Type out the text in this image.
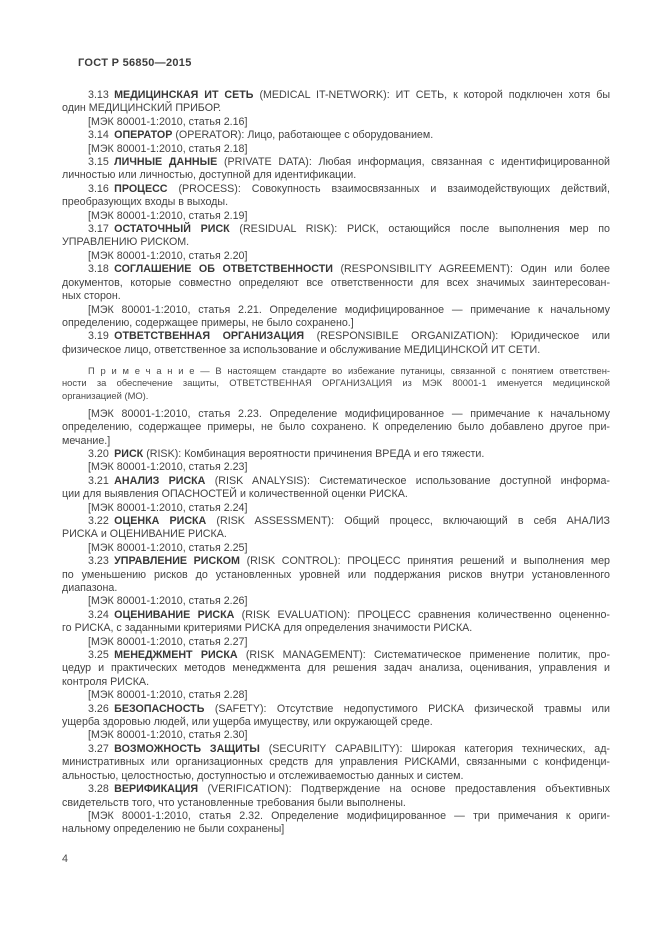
ГОСТ Р 56850—2015
3.13 МЕДИЦИНСКАЯ ИТ СЕТЬ (MEDICAL IT-NETWORK): ИТ СЕТЬ, к которой подключен хотя бы
один МЕДИЦИНСКИЙ ПРИБОР.
[МЭК 80001-1:2010, статья 2.16]
3.14 ОПЕРАТОР (OPERATOR): Лицо, работающее с оборудованием.
[МЭК 80001-1:2010, статья 2.18]
3.15 ЛИЧНЫЕ ДАННЫЕ (PRIVATE DATA): Любая информация, связанная с идентифицированной
личностью или личностью, доступной для идентификации.
3.16 ПРОЦЕСС (PROCESS): Совокупность взаимосвязанных и взаимодействующих действий,
преобразующих входы в выходы.
[МЭК 80001-1:2010, статья 2.19]
3.17 ОСТАТОЧНЫЙ РИСК (RESIDUAL RISK): РИСК, остающийся после выполнения мер по
УПРАВЛЕНИЮ РИСКОМ.
[МЭК 80001-1:2010, статья 2.20]
3.18 СОГЛАШЕНИЕ ОБ ОТВЕТСТВЕННОСТИ (RESPONSIBILITY AGREEMENT): Один или более
документов, которые совместно определяют все ответственности для всех значимых заинтересован-
ных сторон.
[МЭК 80001-1:2010, статья 2.21. Определение модифицированное — примечание к начальному
определению, содержащее примеры, не было сохранено.]
3.19 ОТВЕТСТВЕННАЯ ОРГАНИЗАЦИЯ (RESPONSIBILE ORGANIZATION): Юридическое или
физическое лицо, ответственное за использование и обслуживание МЕДИЦИНСКОЙ ИТ СЕТИ.
П р и м е ч а н и е — В настоящем стандарте во избежание путаницы, связанной с понятием ответствен-
ности за обеспечение защиты, ОТВЕТСТВЕННАЯ ОРГАНИЗАЦИЯ из МЭК 80001-1 именуется медицинской
организацией (МО).
[МЭК 80001-1:2010, статья 2.23. Определение модифицированное — примечание к начальному
определению, содержащее примеры, не было сохранено. К определению было добавлено другое при-
мечание.]
3.20 РИСК (RISK): Комбинация вероятности причинения ВРЕДА и его тяжести.
[МЭК 80001-1:2010, статья 2.23]
3.21 АНАЛИЗ РИСКА (RISK ANALYSIS): Систематическое использование доступной информа-
ции для выявления ОПАСНОСТЕЙ и количественной оценки РИСКА.
[МЭК 80001-1:2010, статья 2.24]
3.22 ОЦЕНКА РИСКА (RISK ASSESSMENT): Общий процесс, включающий в себя АНАЛИЗ
РИСКА и ОЦЕНИВАНИЕ РИСКА.
[МЭК 80001-1:2010, статья 2.25]
3.23 УПРАВЛЕНИЕ РИСКОМ (RISK CONTROL): ПРОЦЕСС принятия решений и выполнения мер
по уменьшению рисков до установленных уровней или поддержания рисков внутри установленного
диапазона.
[МЭК 80001-1:2010, статья 2.26]
3.24 ОЦЕНИВАНИЕ РИСКА (RISK EVALUATION): ПРОЦЕСС сравнения количественно оцененно-
го РИСКА, с заданными критериями РИСКА для определения значимости РИСКА.
[МЭК 80001-1:2010, статья 2.27]
3.25 МЕНЕДЖМЕНТ РИСКА (RISK MANAGEMENT): Систематическое применение политик, про-
цедур и практических методов менеджмента для решения задач анализа, оценивания, управления и
контроля РИСКА.
[МЭК 80001-1:2010, статья 2.28]
3.26 БЕЗОПАСНОСТЬ (SAFETY): Отсутствие недопустимого РИСКА физической травмы или
ущерба здоровью людей, или ущерба имуществу, или окружающей среде.
[МЭК 80001-1:2010, статья 2.30]
3.27 ВОЗМОЖНОСТЬ ЗАЩИТЫ (SECURITY CAPABILITY): Широкая категория технических, ад-
министративных или организационных средств для управления РИСКАМИ, связанными с конфиденци-
альностью, целостностью, доступностью и отслеживаемостью данных и систем.
3.28 ВЕРИФИКАЦИЯ (VERIFICATION): Подтверждение на основе предоставления объективных
свидетельств того, что установленные требования были выполнены.
[МЭК 80001-1:2010, статья 2.32. Определение модифицированное — три примечания к ориги-
нальному определению не были сохранены]
4
